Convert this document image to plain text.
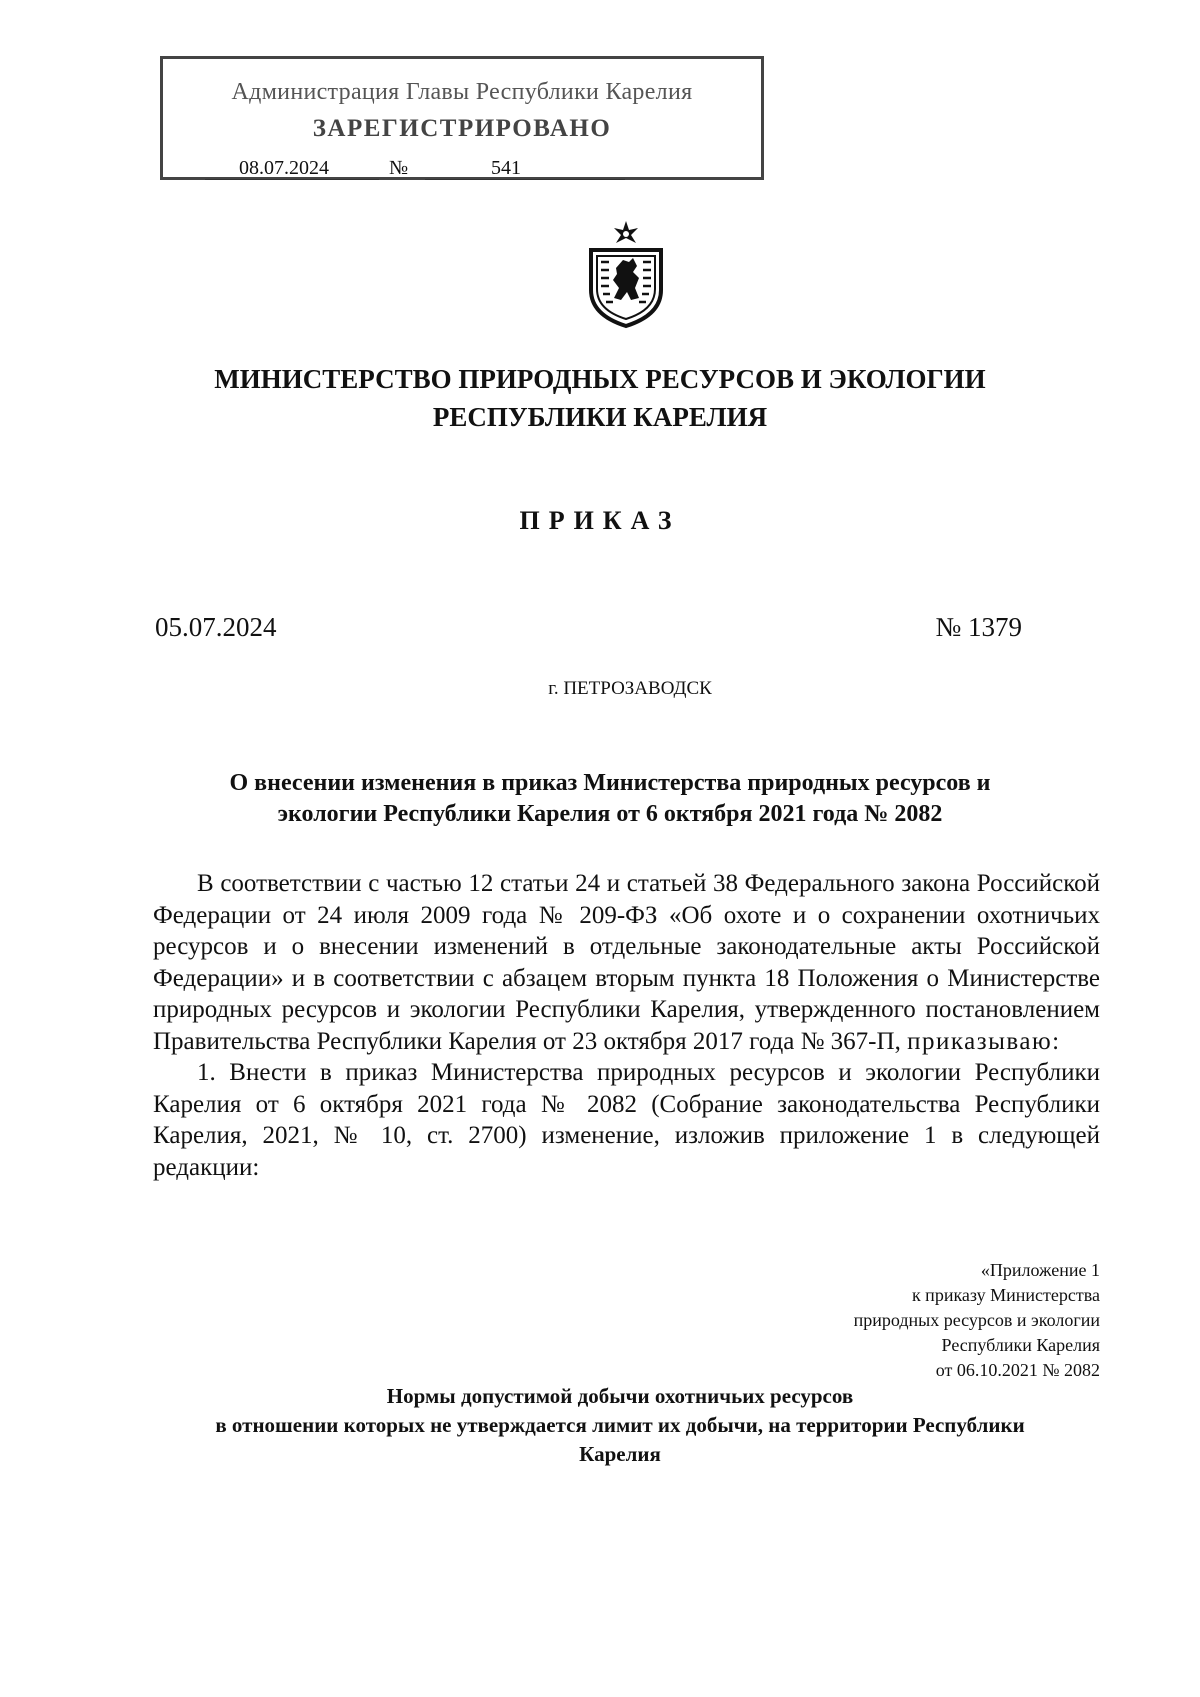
Администрация Главы Республики Карелия
ЗАРЕГИСТРИРОВАНО
08.07.2024	№	541
МИНИСТЕРСТВО ПРИРОДНЫХ РЕСУРСОВ И ЭКОЛОГИИ
РЕСПУБЛИКИ КАРЕЛИЯ
ПРИКАЗ
05.07.2024	№ 1379
г. ПЕТРОЗАВОДСК
О внесении изменения в приказ Министерства природных ресурсов и
экологии Республики Карелия от 6 октября 2021 года № 2082

В соответствии с частью 12 статьи 24 и статьей 38 Федерального закона Российской Федерации от 24 июля 2009 года № 209-ФЗ «Об охоте и о сохранении охотничьих ресурсов и о внесении изменений в отдельные законодательные акты Российской Федерации» и в соответствии с абзацем вторым пункта 18 Положения о Министерстве природных ресурсов и экологии Республики Карелия, утвержденного постановлением Правительства Республики Карелия от 23 октября 2017 года № 367-П, приказываю:

1. Внести в приказ Министерства природных ресурсов и экологии Республики Карелия от 6 октября 2021 года № 2082 (Собрание законодательства Республики Карелия, 2021, № 10, ст. 2700) изменение, изложив приложение 1 в следующей редакции:

«Приложение 1
к приказу Министерства
природных ресурсов и экологии
Республики Карелия
от 06.10.2021 № 2082
Нормы допустимой добычи охотничьих ресурсов
в отношении которых не утверждается лимит их добычи, на территории Республики
Карелия
